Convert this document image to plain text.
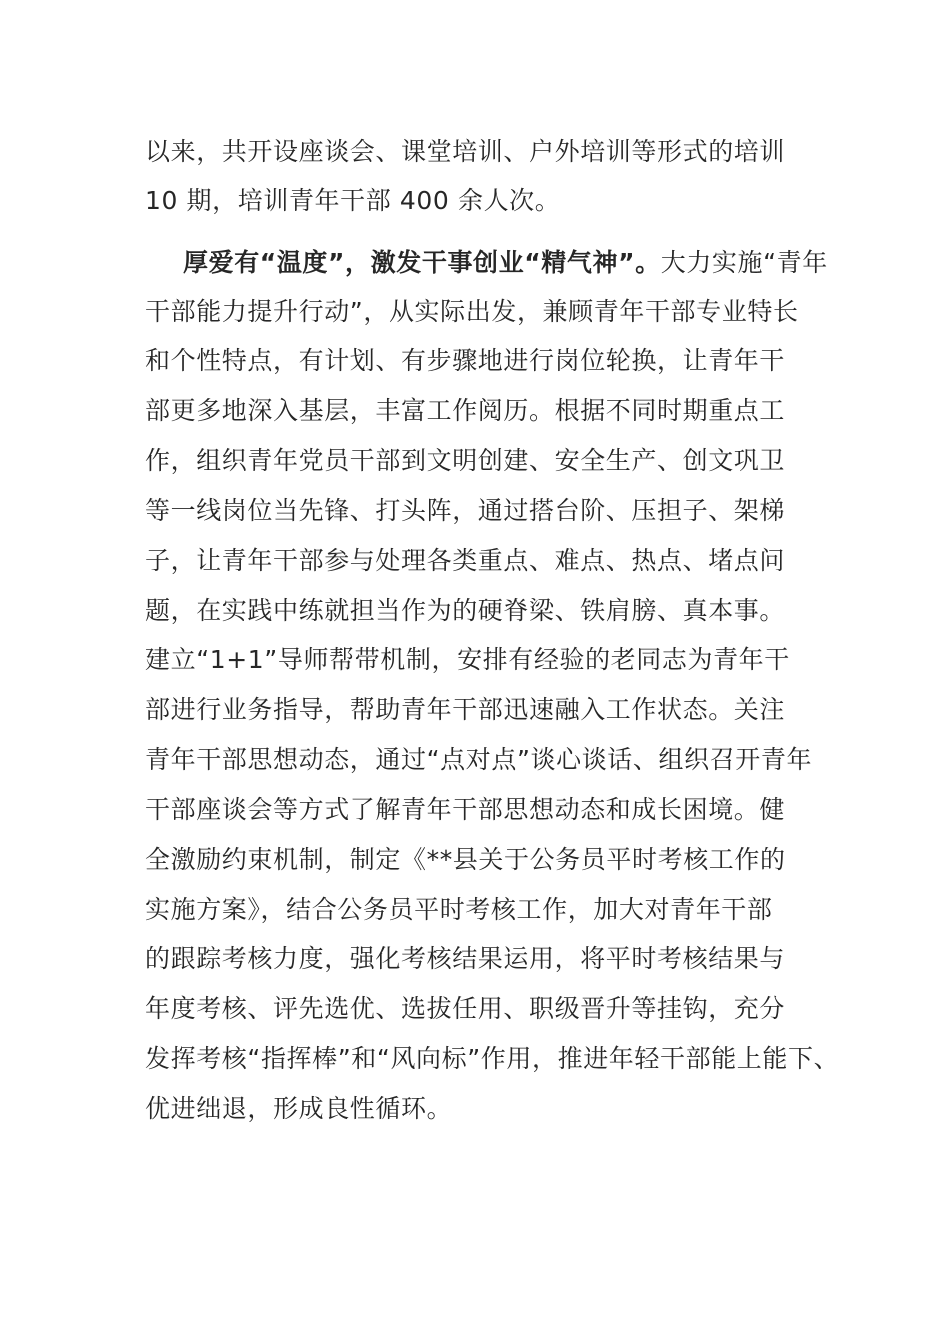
以来，共开设座谈会、课堂培训、户外培训等形式的培训
10 期，培训青年干部 400 余人次。
厚爱有“温度”，激发干事创业“精气神”。大力实施“青年
干部能力提升行动”，从实际出发，兼顾青年干部专业特长
和个性特点，有计划、有步骤地进行岗位轮换，让青年干
部更多地深入基层，丰富工作阅历。根据不同时期重点工
作，组织青年党员干部到文明创建、安全生产、创文巩卫
等一线岗位当先锋、打头阵，通过搭台阶、压担子、架梯
子，让青年干部参与处理各类重点、难点、热点、堵点问
题，在实践中练就担当作为的硬脊梁、铁肩膀、真本事。
建立“1+1”导师帮带机制，安排有经验的老同志为青年干
部进行业务指导，帮助青年干部迅速融入工作状态。关注
青年干部思想动态，通过“点对点”谈心谈话、组织召开青年
干部座谈会等方式了解青年干部思想动态和成长困境。健
全激励约束机制，制定《**县关于公务员平时考核工作的
实施方案》，结合公务员平时考核工作，加大对青年干部
的跟踪考核力度，强化考核结果运用，将平时考核结果与
年度考核、评先选优、选拔任用、职级晋升等挂钩，充分
发挥考核“指挥棒”和“风向标”作用，推进年轻干部能上能下、
优进绌退，形成良性循环。
